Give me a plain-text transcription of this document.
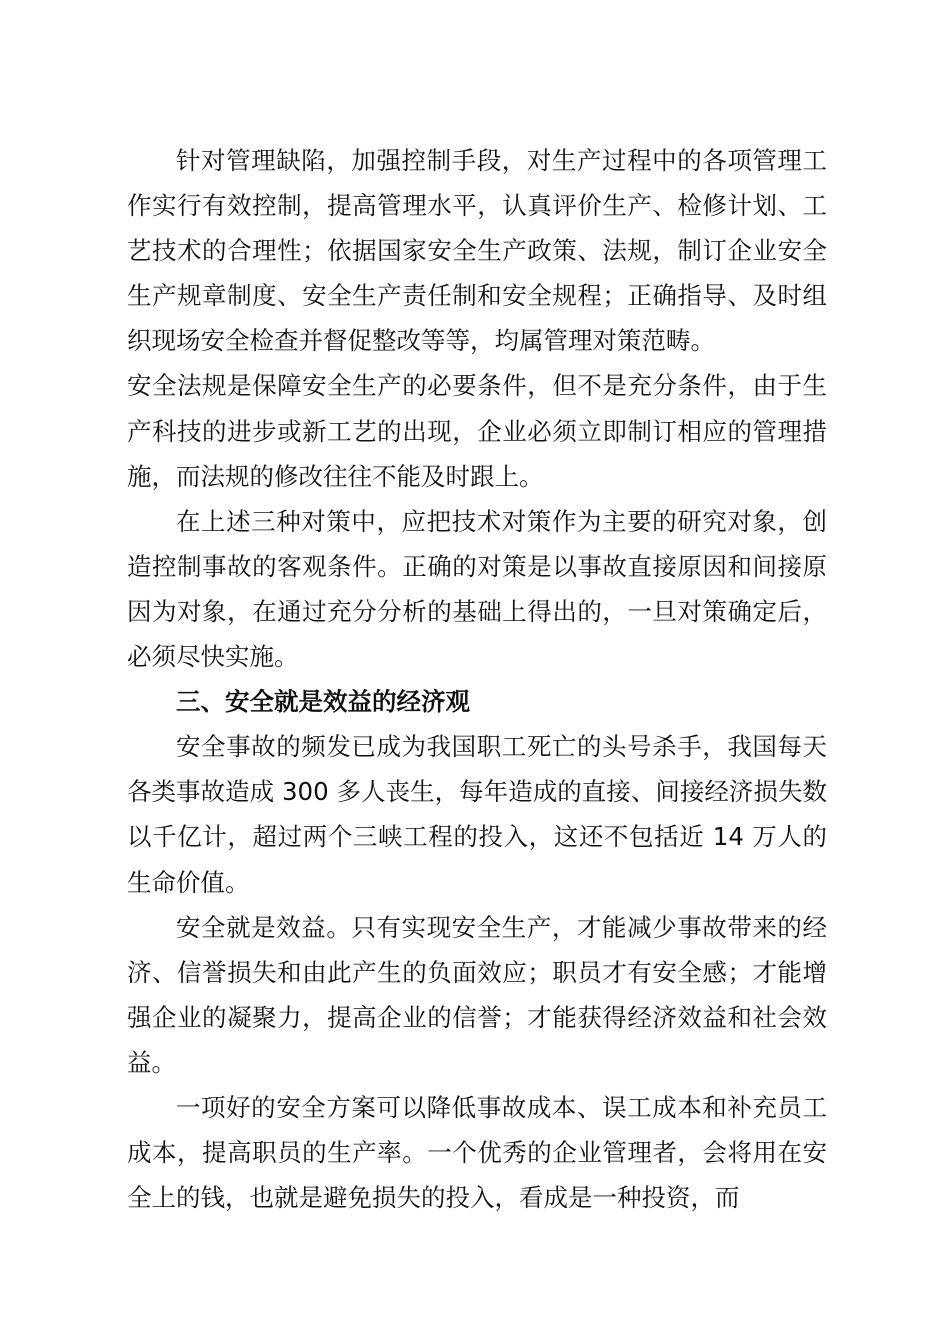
针对管理缺陷，加强控制手段，对生产过程中的各项管理工作实行有效控制，提高管理水平，认真评价生产、检修计划、工艺技术的合理性；依据国家安全生产政策、法规，制订企业安全生产规章制度、安全生产责任制和安全规程；正确指导、及时组织现场安全检查并督促整改等等，均属管理对策范畴。

安全法规是保障安全生产的必要条件，但不是充分条件，由于生产科技的进步或新工艺的出现，企业必须立即制订相应的管理措施，而法规的修改往往不能及时跟上。

在上述三种对策中，应把技术对策作为主要的研究对象，创造控制事故的客观条件。正确的对策是以事故直接原因和间接原因为对象，在通过充分分析的基础上得出的，一旦对策确定后，必须尽快实施。

三、安全就是效益的经济观

安全事故的频发已成为我国职工死亡的头号杀手，我国每天各类事故造成 300 多人丧生，每年造成的直接、间接经济损失数以千亿计，超过两个三峡工程的投入，这还不包括近 14 万人的生命价值。

安全就是效益。只有实现安全生产，才能减少事故带来的经济、信誉损失和由此产生的负面效应；职员才有安全感；才能增强企业的凝聚力，提高企业的信誉；才能获得经济效益和社会效益。

一项好的安全方案可以降低事故成本、误工成本和补充员工成本，提高职员的生产率。一个优秀的企业管理者，会将用在安全上的钱，也就是避免损失的投入，看成是一种投资，而
